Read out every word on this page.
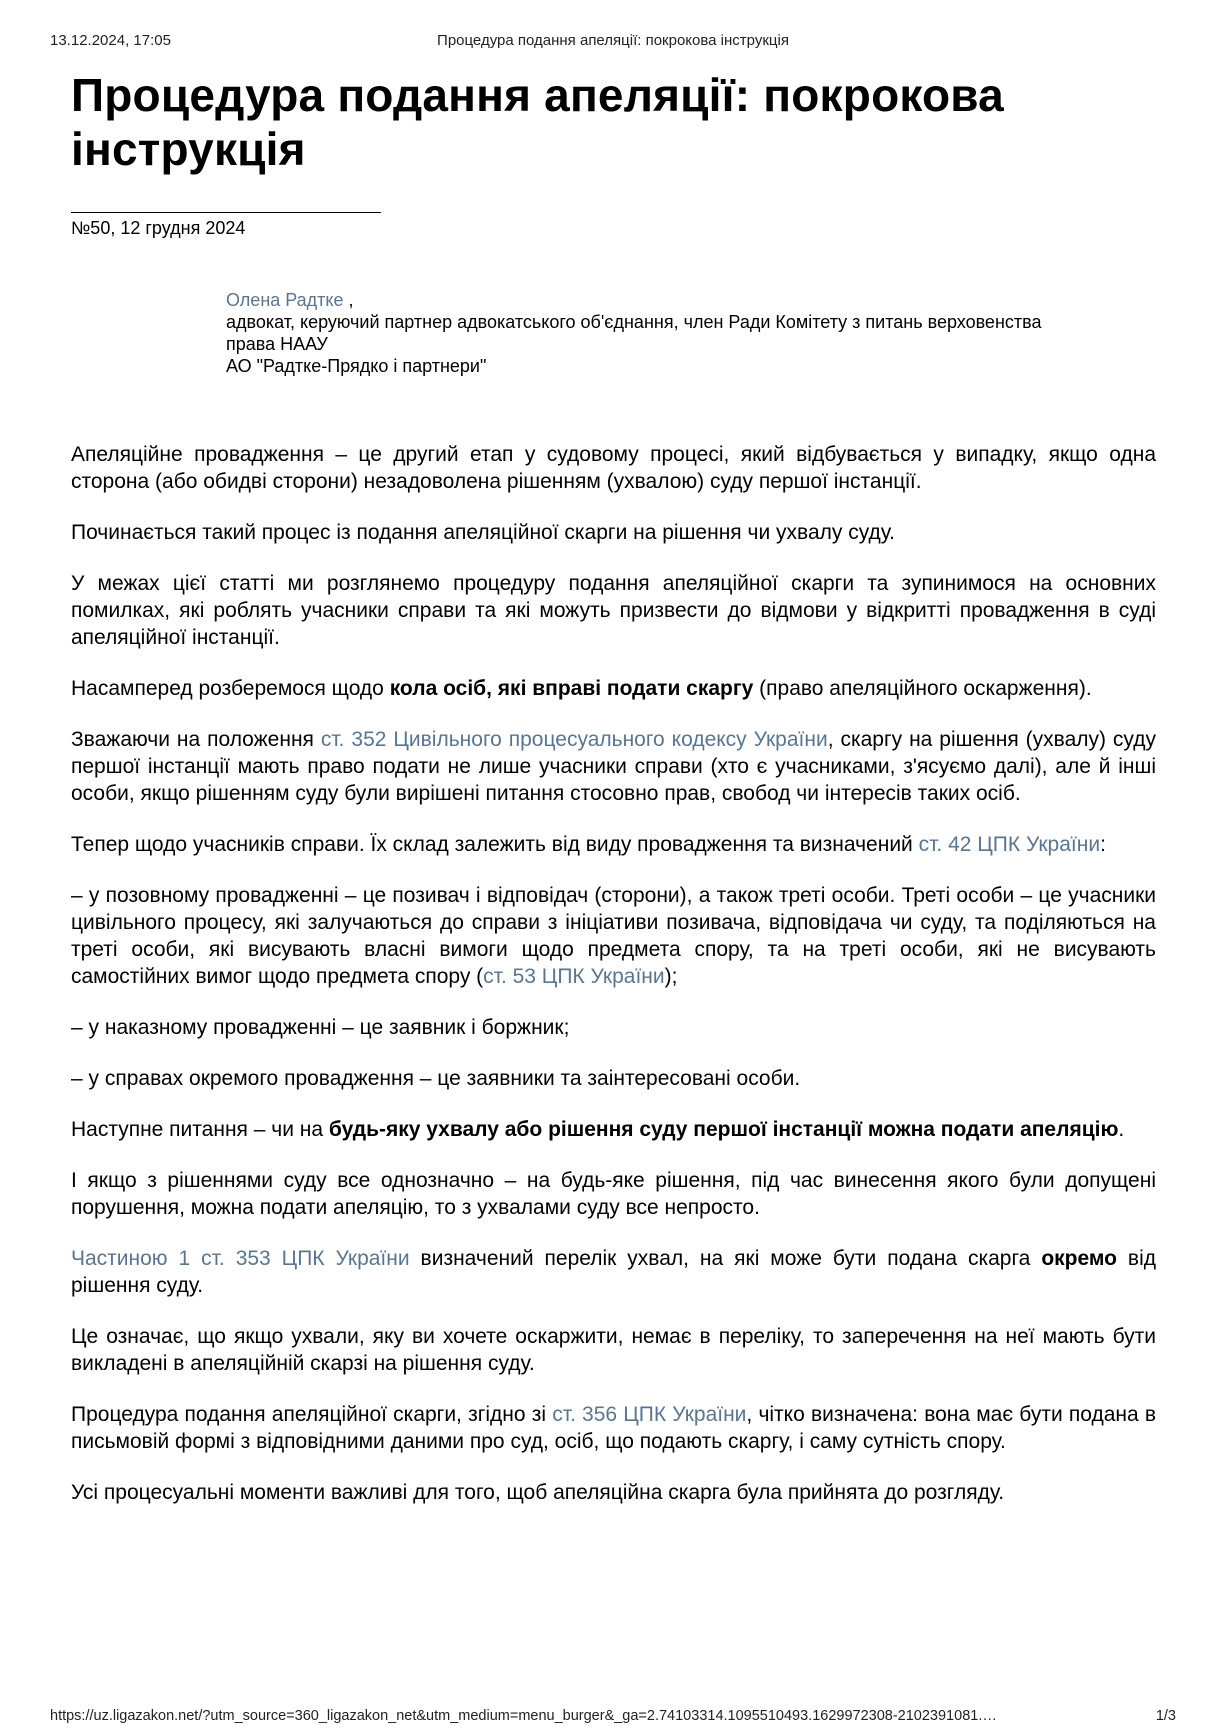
13.12.2024, 17:05	Процедура подання апеляції: покрокова інструкція
Процедура подання апеляції: покрокова інструкція
№50, 12 грудня 2024
Олена Радтке ,
адвокат, керуючий партнер адвокатського об'єднання, член Ради Комітету з питань верховенства
права НААУ
АО "Радтке-Прядко і партнери"

Апеляційне провадження – це другий етап у судовому процесі, який відбувається у випадку, якщо одна сторона (або обидві сторони) незадоволена рішенням (ухвалою) суду першої інстанції.

Починається такий процес із подання апеляційної скарги на рішення чи ухвалу суду.

У межах цієї статті ми розглянемо процедуру подання апеляційної скарги та зупинимося на основних помилках, які роблять учасники справи та які можуть призвести до відмови у відкритті провадження в суді апеляційної інстанції.

Насамперед розберемося щодо кола осіб, які вправі подати скаргу (право апеляційного оскарження).

Зважаючи на положення ст. 352 Цивільного процесуального кодексу України, скаргу на рішення (ухвалу) суду першої інстанції мають право подати не лише учасники справи (хто є учасниками, з'ясуємо далі), але й інші особи, якщо рішенням суду були вирішені питання стосовно прав, свобод чи інтересів таких осіб.

Тепер щодо учасників справи. Їх склад залежить від виду провадження та визначений ст. 42 ЦПК України:

– у позовному провадженні – це позивач і відповідач (сторони), а також треті особи. Треті особи – це учасники цивільного процесу, які залучаються до справи з ініціативи позивача, відповідача чи суду, та поділяються на треті особи, які висувають власні вимоги щодо предмета спору, та на треті особи, які не висувають самостійних вимог щодо предмета спору (ст. 53 ЦПК України);

– у наказному провадженні – це заявник і боржник;

– у справах окремого провадження – це заявники та заінтересовані особи.

Наступне питання – чи на будь-яку ухвалу або рішення суду першої інстанції можна подати апеляцію.

І якщо з рішеннями суду все однозначно – на будь-яке рішення, під час винесення якого були допущені порушення, можна подати апеляцію, то з ухвалами суду все непросто.

Частиною 1 ст. 353 ЦПК України визначений перелік ухвал, на які може бути подана скарга окремо від рішення суду.

Це означає, що якщо ухвали, яку ви хочете оскаржити, немає в переліку, то заперечення на неї мають бути викладені в апеляційній скарзі на рішення суду.

Процедура подання апеляційної скарги, згідно зі ст. 356 ЦПК України, чітко визначена: вона має бути подана в письмовій формі з відповідними даними про суд, осіб, що подають скаргу, і саму сутність спору.

Усі процесуальні моменти важливі для того, щоб апеляційна скарга була прийнята до розгляду.

https://uz.ligazakon.net/?utm_source=360_ligazakon_net&utm_medium=menu_burger&_ga=2.74103314.1095510493.1629972308-2102391081.…	1/3
